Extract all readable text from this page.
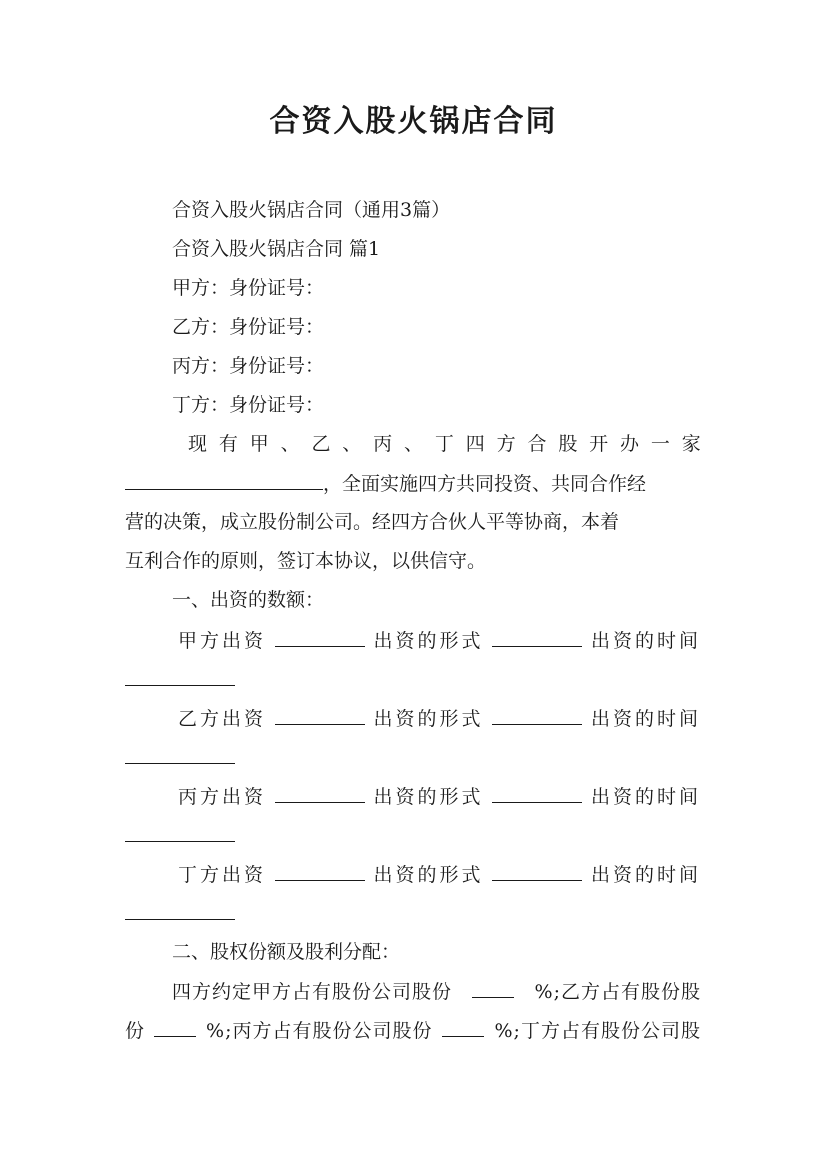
合资入股火锅店合同
合资入股火锅店合同（通用3篇）
合资入股火锅店合同 篇1
甲方：身份证号：
乙方：身份证号：
丙方：身份证号：
丁方：身份证号：
现 有 甲 、 乙 、 丙 、 丁 四 方 合 股 开 办 一 家
，全面实施四方共同投资、共同合作经
营的决策，成立股份制公司。经四方合伙人平等协商，本着
互利合作的原则，签订本协议，以供信守。
一、出资的数额：
甲方出资	出资的形式	出资的时间
乙方出资	出资的形式	出资的时间
丙方出资	出资的形式	出资的时间
丁方出资	出资的形式	出资的时间
二、股权份额及股利分配：
四方约定甲方占有股份公司股份	%;乙方占有股份股
份	%;丙方占有股份公司股份	%;丁方占有股份公司股
